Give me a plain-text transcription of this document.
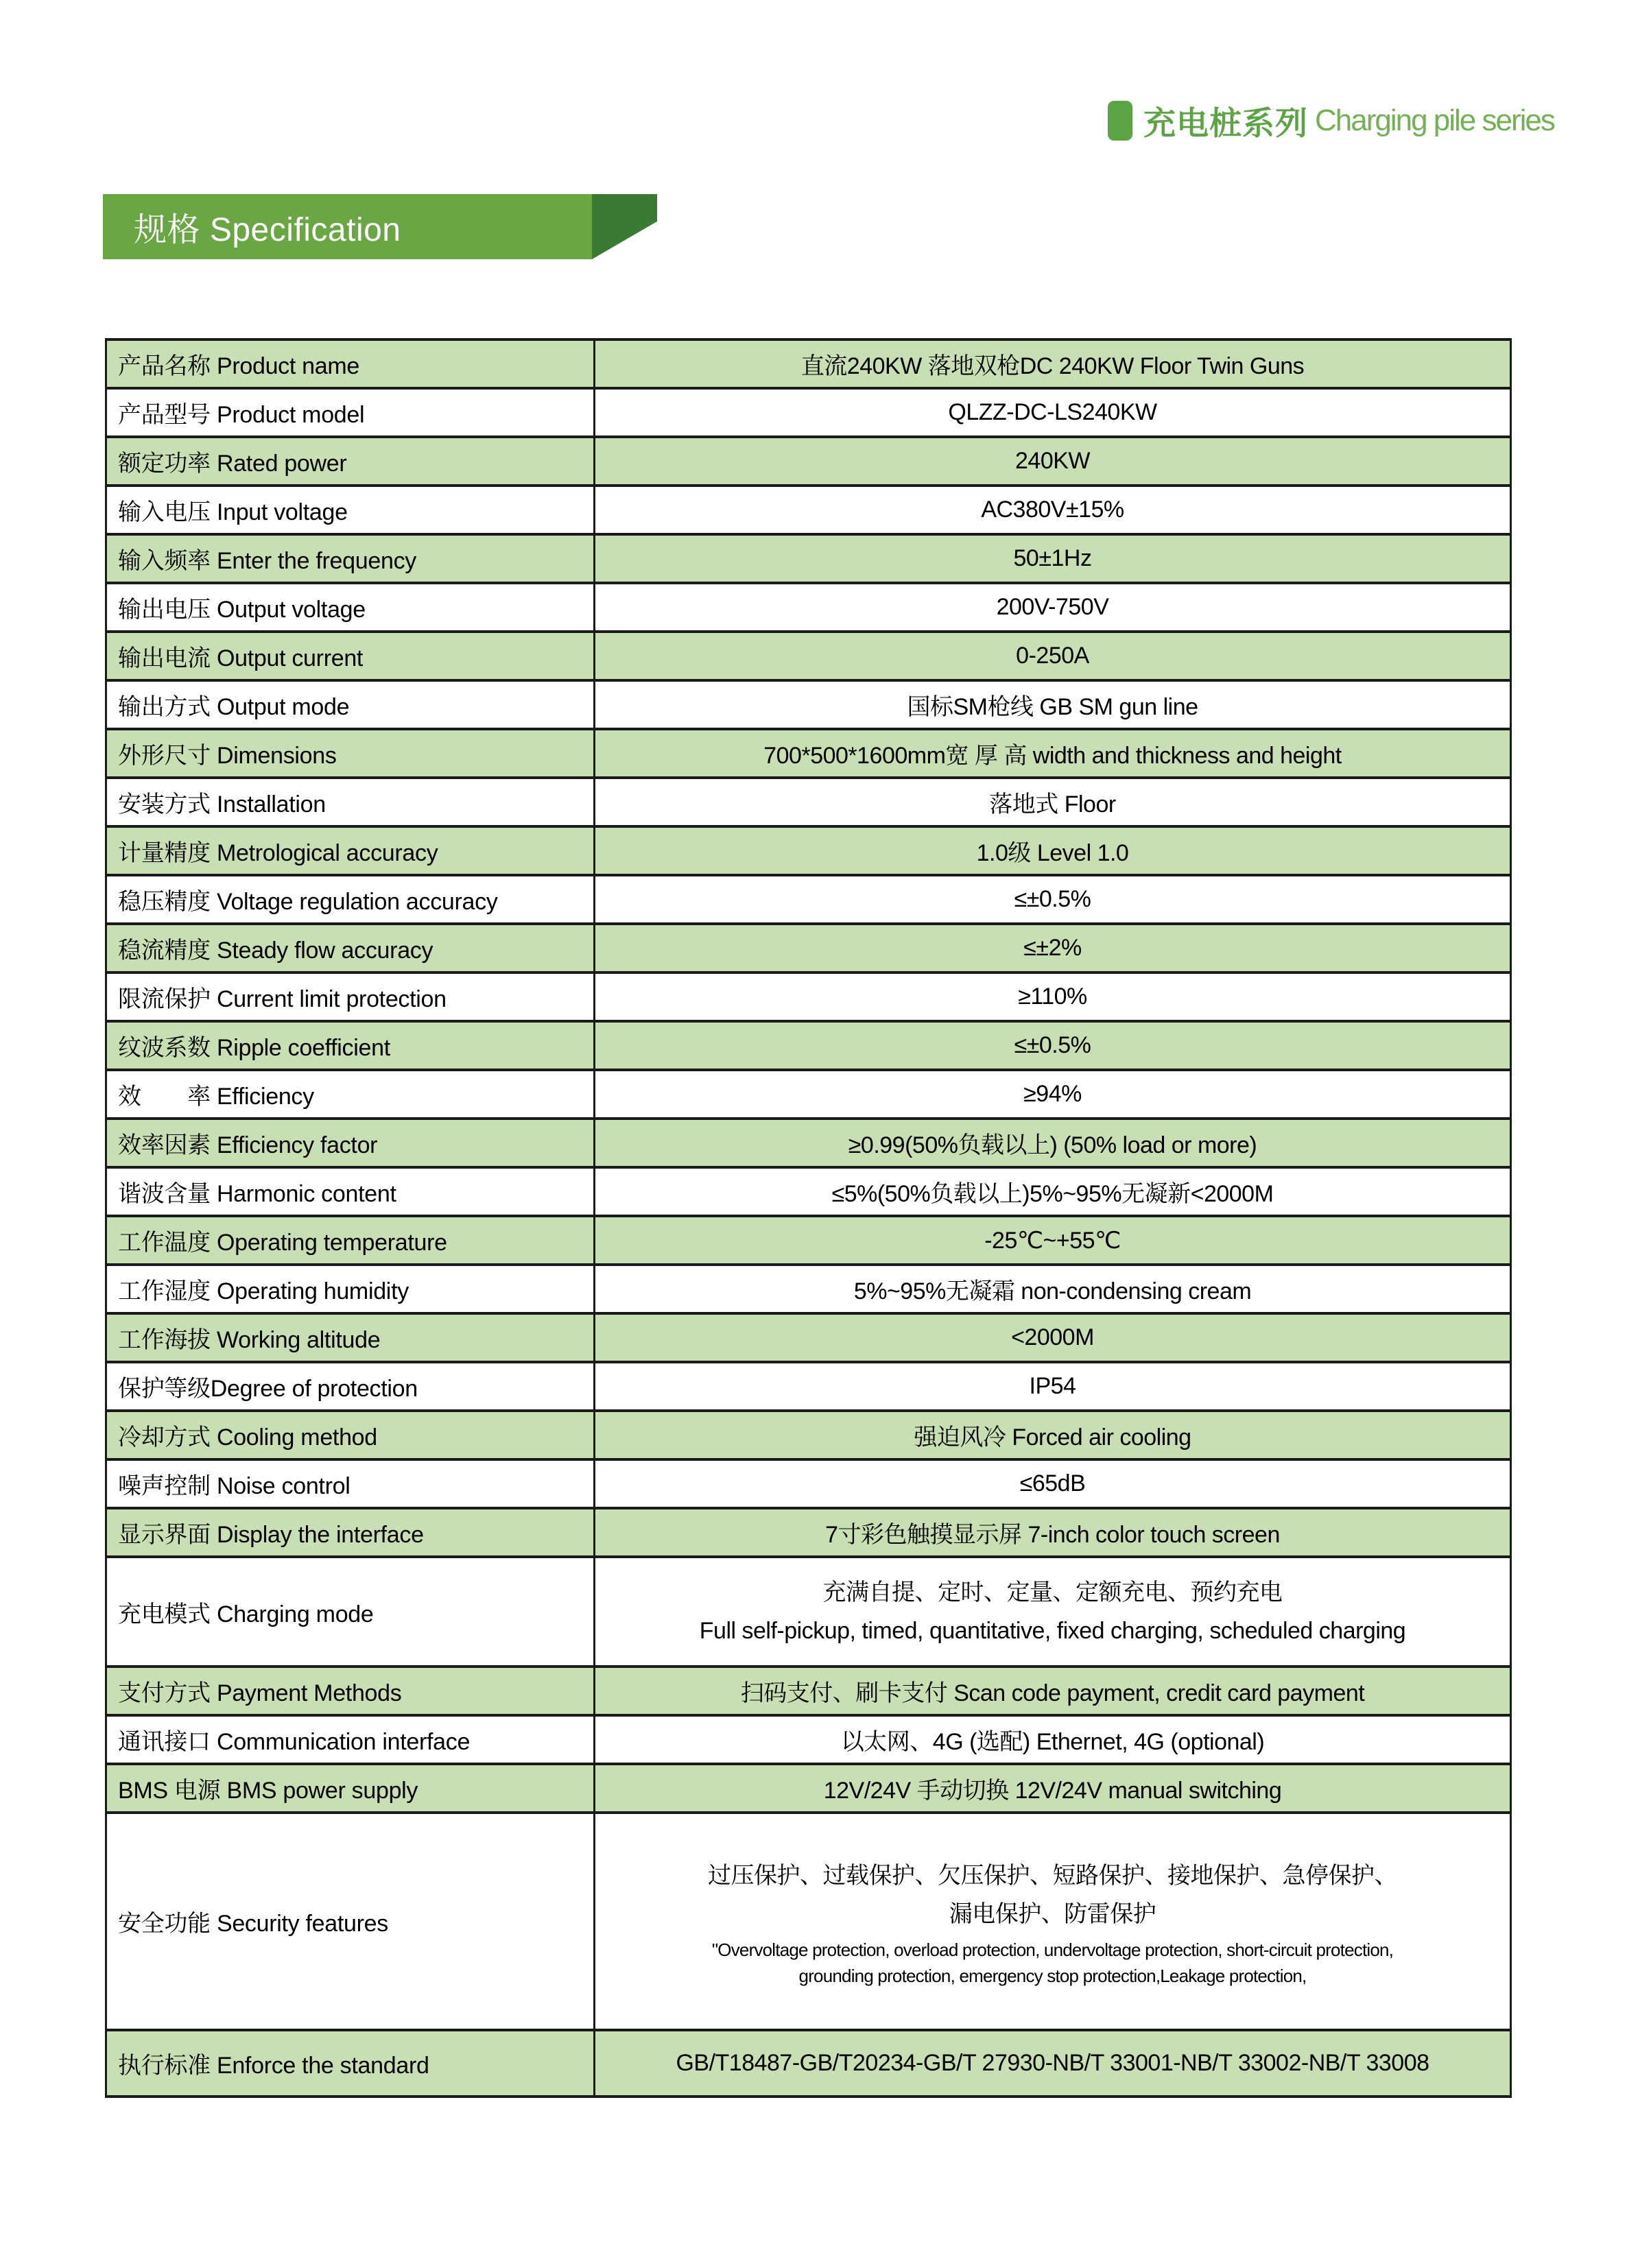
充电桩系列 Charging pile series
规格 Specification
产品名称 Product name	直流240KW 落地双枪DC 240KW Floor Twin Guns
产品型号 Product model	QLZZ-DC-LS240KW
额定功率 Rated power	240KW
输入电压 Input voltage	AC380V±15%
输入频率 Enter the frequency	50±1Hz
输出电压 Output voltage	200V-750V
输出电流 Output current	0-250A
输出方式 Output mode	国标SM枪线 GB SM gun line
外形尺寸 Dimensions	700*500*1600mm宽 厚 高 width and thickness and height
安装方式 Installation	落地式 Floor
计量精度 Metrological accuracy	1.0级 Level 1.0
稳压精度 Voltage regulation accuracy	≤±0.5%
稳流精度 Steady flow accuracy	≤±2%
限流保护 Current limit protection	≥110%
纹波系数 Ripple coefficient	≤±0.5%
效　　率 Efficiency	≥94%
效率因素 Efficiency factor	≥0.99(50%负载以上) (50% load or more)
谐波含量 Harmonic content	≤5%(50%负载以上)5%~95%无凝新<2000M
工作温度 Operating temperature	-25℃~+55℃
工作湿度 Operating humidity	5%~95%无凝霜 non-condensing cream
工作海拔 Working altitude	<2000M
保护等级Degree of protection	IP54
冷却方式 Cooling method	强迫风冷 Forced air cooling
噪声控制 Noise control	≤65dB
显示界面 Display the interface	7寸彩色触摸显示屏 7-inch color touch screen
充电模式 Charging mode	充满自提、定时、定量、定额充电、预约充电
Full self-pickup, timed, quantitative, fixed charging, scheduled charging

支付方式 Payment Methods	扫码支付、刷卡支付 Scan code payment, credit card payment
通讯接口 Communication interface	以太网、4G (选配) Ethernet, 4G (optional)
BMS 电源 BMS power supply	12V/24V 手动切换 12V/24V manual switching
安全功能 Security features	过压保护、过载保护、欠压保护、短路保护、接地保护、急停保护、
漏电保护、防雷保护
"Overvoltage protection, overload protection, undervoltage protection, short-circuit protection,
grounding protection, emergency stop protection,Leakage protection,

执行标准 Enforce the standard	GB/T18487-GB/T20234-GB/T 27930-NB/T 33001-NB/T 33002-NB/T 33008
